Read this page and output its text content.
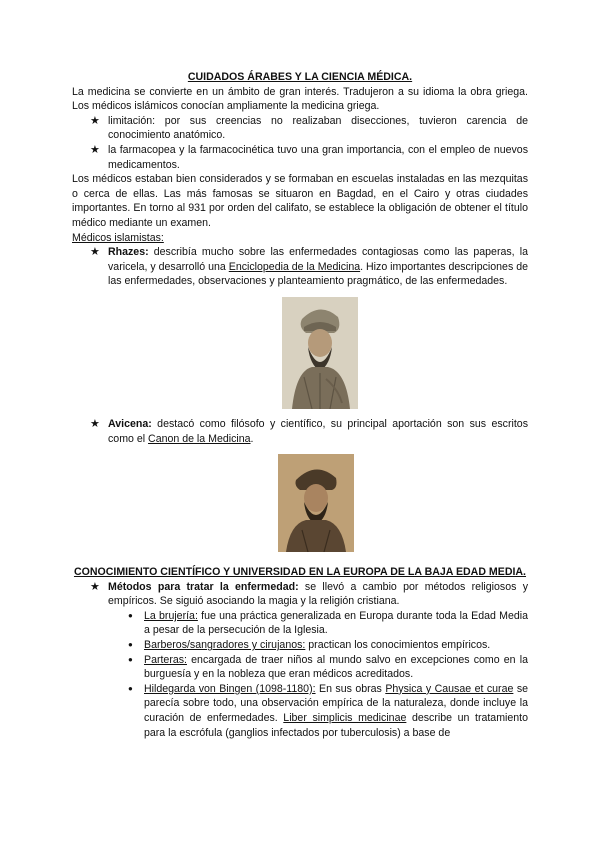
CUIDADOS ÁRABES Y LA CIENCIA MÉDICA.

La medicina se convierte en un ámbito de gran interés. Tradujeron a su idioma la obra griega. Los médicos islámicos conocían ampliamente la medicina griega.

★ limitación: por sus creencias no realizaban disecciones, tuvieron carencia de conocimiento anatómico.
★ la farmacopea y la farmacocinética tuvo una gran importancia, con el empleo de nuevos medicamentos.

Los médicos estaban bien considerados y se formaban en escuelas instaladas en las mezquitas o cerca de ellas. Las más famosas se situaron en Bagdad, en el Cairo y otras ciudades importantes. En torno al 931 por orden del califato, se establece la obligación de obtener el título médico mediante un examen.

Médicos islamistas:

★ Rhazes: describía mucho sobre las enfermedades contagiosas como las paperas, la varicela, y desarrolló una Enciclopedia de la Medicina. Hizo importantes descripciones de las enfermedades, observaciones y planteamiento pragmático, de las enfermedades.
★ Avicena: destacó como filósofo y científico, su principal aportación son sus escritos como el Canon de la Medicina.

CONOCIMIENTO CIENTÍFICO Y UNIVERSIDAD EN LA EUROPA DE LA BAJA EDAD MEDIA.

★ Métodos para tratar la enfermedad: se llevó a cambio por métodos religiosos y empíricos. Se siguió asociando la magia y la religión cristiana.
● La brujería: fue una práctica generalizada en Europa durante toda la Edad Media a pesar de la persecución de la Iglesia.
● Barberos/sangradores y cirujanos: practican los conocimientos empíricos.
● Parteras: encargada de traer niños al mundo salvo en excepciones como en la burguesía y en la nobleza que eran médicos acreditados.
● Hildegarda von Bingen (1098-1180): En sus obras Physica y Causae et curae se parecía sobre todo, una observación empírica de la naturaleza, donde incluye la curación de enfermedades. Liber simplicis medicinae describe un tratamiento para la escrófula (ganglios infectados por tuberculosis) a base de
